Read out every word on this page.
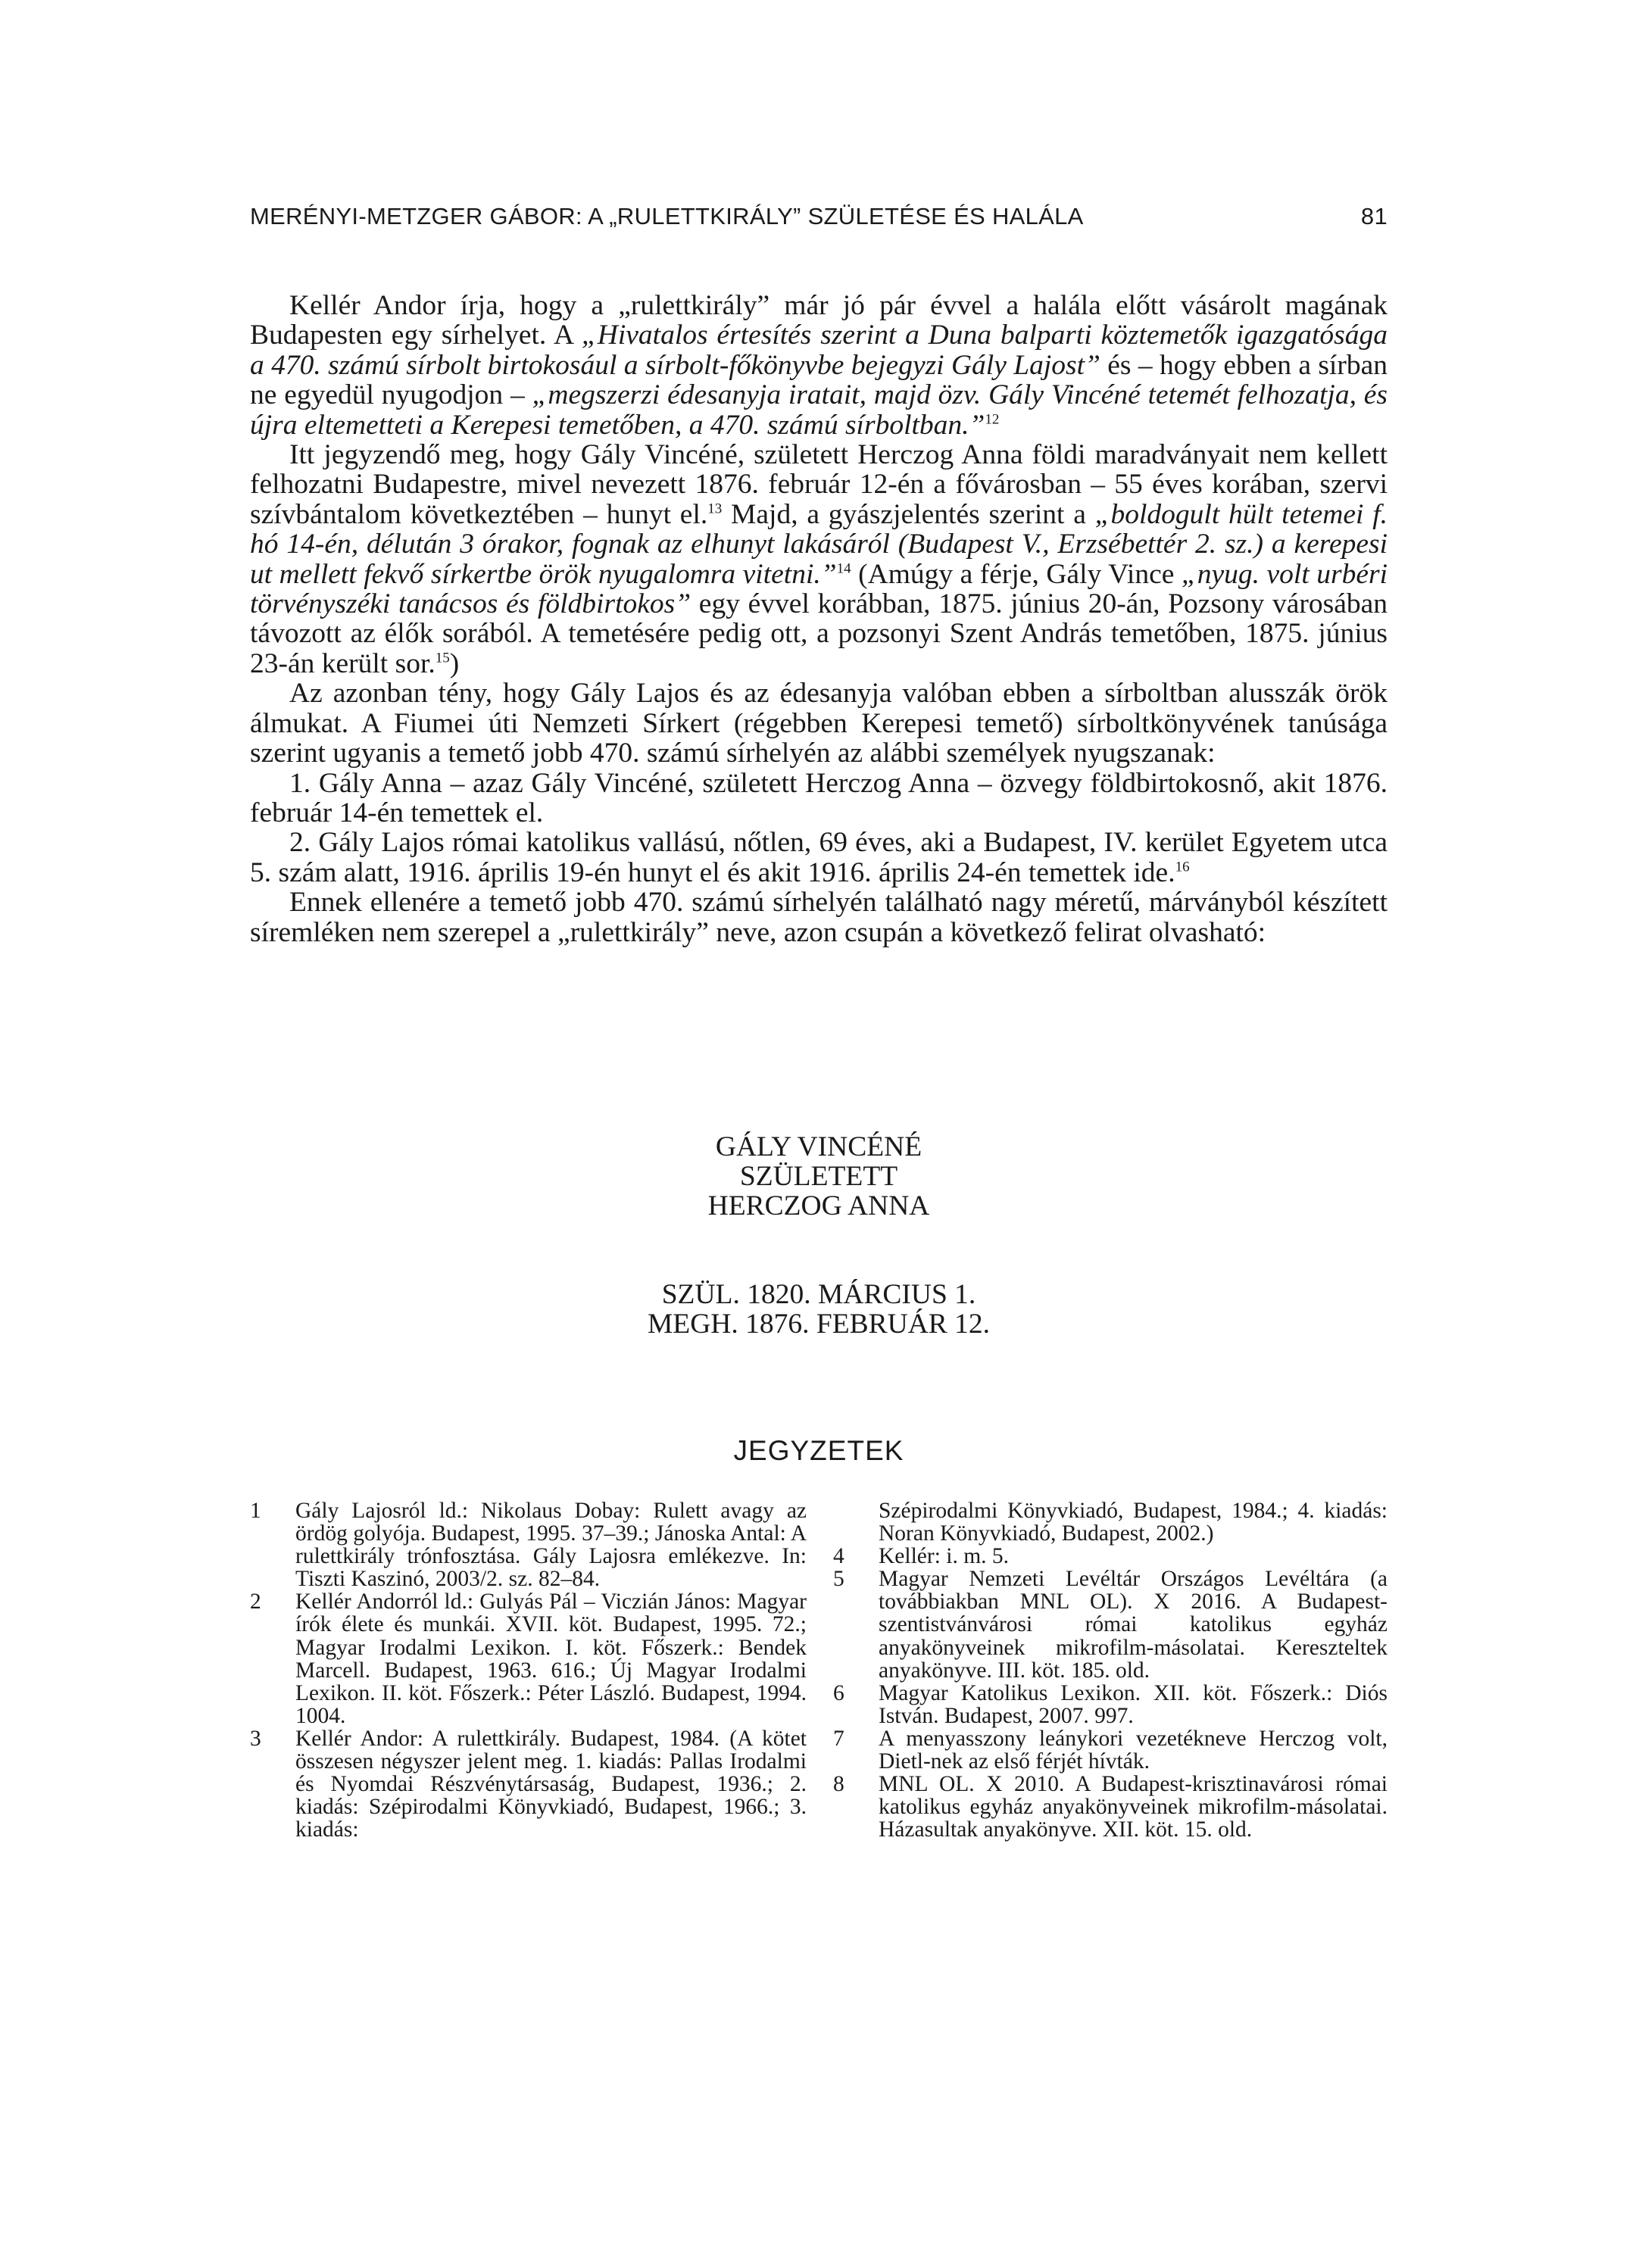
MERÉNYI-METZGER GÁBOR: A „RULETTKIRÁLY” SZÜLETÉSE ÉS HALÁLA	81

Kellér Andor írja, hogy a „rulettkirály” már jó pár évvel a halála előtt vásárolt magának Budapesten egy sírhelyet. A „Hivatalos értesítés szerint a Duna balparti köztemetők igazgatósága a 470. számú sírbolt birtokosául a sírbolt-főkönyvbe bejegyzi Gály Lajost” és – hogy ebben a sírban ne egyedül nyugodjon – „megszerzi édesanyja iratait, majd özv. Gály Vincéné tetemét felhozatja, és újra eltemetteti a Kerepesi temetőben, a 470. számú sírboltban.”$^{12}$

Itt jegyzendő meg, hogy Gály Vincéné, született Herczog Anna földi maradványait nem kellett felhozatni Budapestre, mivel nevezett 1876. február 12-én a fővárosban – 55 éves korában, szervi szívbántalom következtében – hunyt el.$^{13}$ Majd, a gyászjelentés szerint a „boldogult hült tetemei f. hó 14-én, délután 3 órakor, fognak az elhunyt lakásáról (Budapest V., Erzsébettér 2. sz.) a kerepesi ut mellett fekvő sírkertbe örök nyugalomra vitetni.”$^{14}$ (Amúgy a férje, Gály Vince „nyug. volt urbéri törvényszéki tanácsos és földbirtokos” egy évvel korábban, 1875. június 20-án, Pozsony városában távozott az élők sorából. A temetésére pedig ott, a pozsonyi Szent András temetőben, 1875. június 23-án került sor.$^{15}$)

Az azonban tény, hogy Gály Lajos és az édesanyja valóban ebben a sírboltban alusszák örök álmukat. A Fiumei úti Nemzeti Sírkert (régebben Kerepesi temető) sírboltkönyvének tanúsága szerint ugyanis a temető jobb 470. számú sírhelyén az alábbi személyek nyugszanak:

1. Gály Anna – azaz Gály Vincéné, született Herczog Anna – özvegy földbirtokosnő, akit 1876. február 14-én temettek el.

2. Gály Lajos római katolikus vallású, nőtlen, 69 éves, aki a Budapest, IV. kerület Egyetem utca 5. szám alatt, 1916. április 19-én hunyt el és akit 1916. április 24-én temettek ide.$^{16}$

Ennek ellenére a temető jobb 470. számú sírhelyén található nagy méretű, márványból készített síremléken nem szerepel a „rulettkirály” neve, azon csupán a következő felirat olvasható:

GÁLY VINCÉNÉ
SZÜLETETT
HERCZOG ANNA
SZÜL. 1820. MÁRCIUS 1.
MEGH. 1876. FEBRUÁR 12.
JEGYZETEK
1 Gály Lajosról ld.: Nikolaus Dobay: Rulett avagy az ördög golyója. Budapest, 1995. 37–39.; Jánoska Antal: A rulettkirály trónfosztása. Gály Lajosra emlékezve. In: Tiszti Kaszinó, 2003/2. sz. 82–84.
2 Kellér Andorról ld.: Gulyás Pál – Viczián János: Magyar írók élete és munkái. XVII. köt. Budapest, 1995. 72.; Magyar Irodalmi Lexikon. I. köt. Főszerk.: Bendek Marcell. Budapest, 1963. 616.; Új Magyar Irodalmi Lexikon. II. köt. Főszerk.: Péter László. Budapest, 1994. 1004.
3 Kellér Andor: A rulettkirály. Budapest, 1984. (A kötet összesen négyszer jelent meg. 1. kiadás: Pallas Irodalmi és Nyomdai Részvénytársaság, Budapest, 1936.; 2. kiadás: Szépirodalmi Könyvkiadó, Budapest, 1966.; 3. kiadás:
Szépirodalmi Könyvkiadó, Budapest, 1984.; 4. kiadás: Noran Könyvkiadó, Budapest, 2002.)
4 Kellér: i. m. 5.
5 Magyar Nemzeti Levéltár Országos Levéltára (a továbbiakban MNL OL). X 2016. A Budapest-szentistvánvárosi római katolikus egyház anyakönyveinek mikrofilm-másolatai. Kereszteltek anyakönyve. III. köt. 185. old.
6 Magyar Katolikus Lexikon. XII. köt. Főszerk.: Diós István. Budapest, 2007. 997.
7 A menyasszony leánykori vezetékneve Herczog volt, Dietl-nek az első férjét hívták.
8 MNL OL. X 2010. A Budapest-krisztinavárosi római katolikus egyház anyakönyveinek mikrofilm-másolatai. Házasultak anyakönyve. XII. köt. 15. old.
